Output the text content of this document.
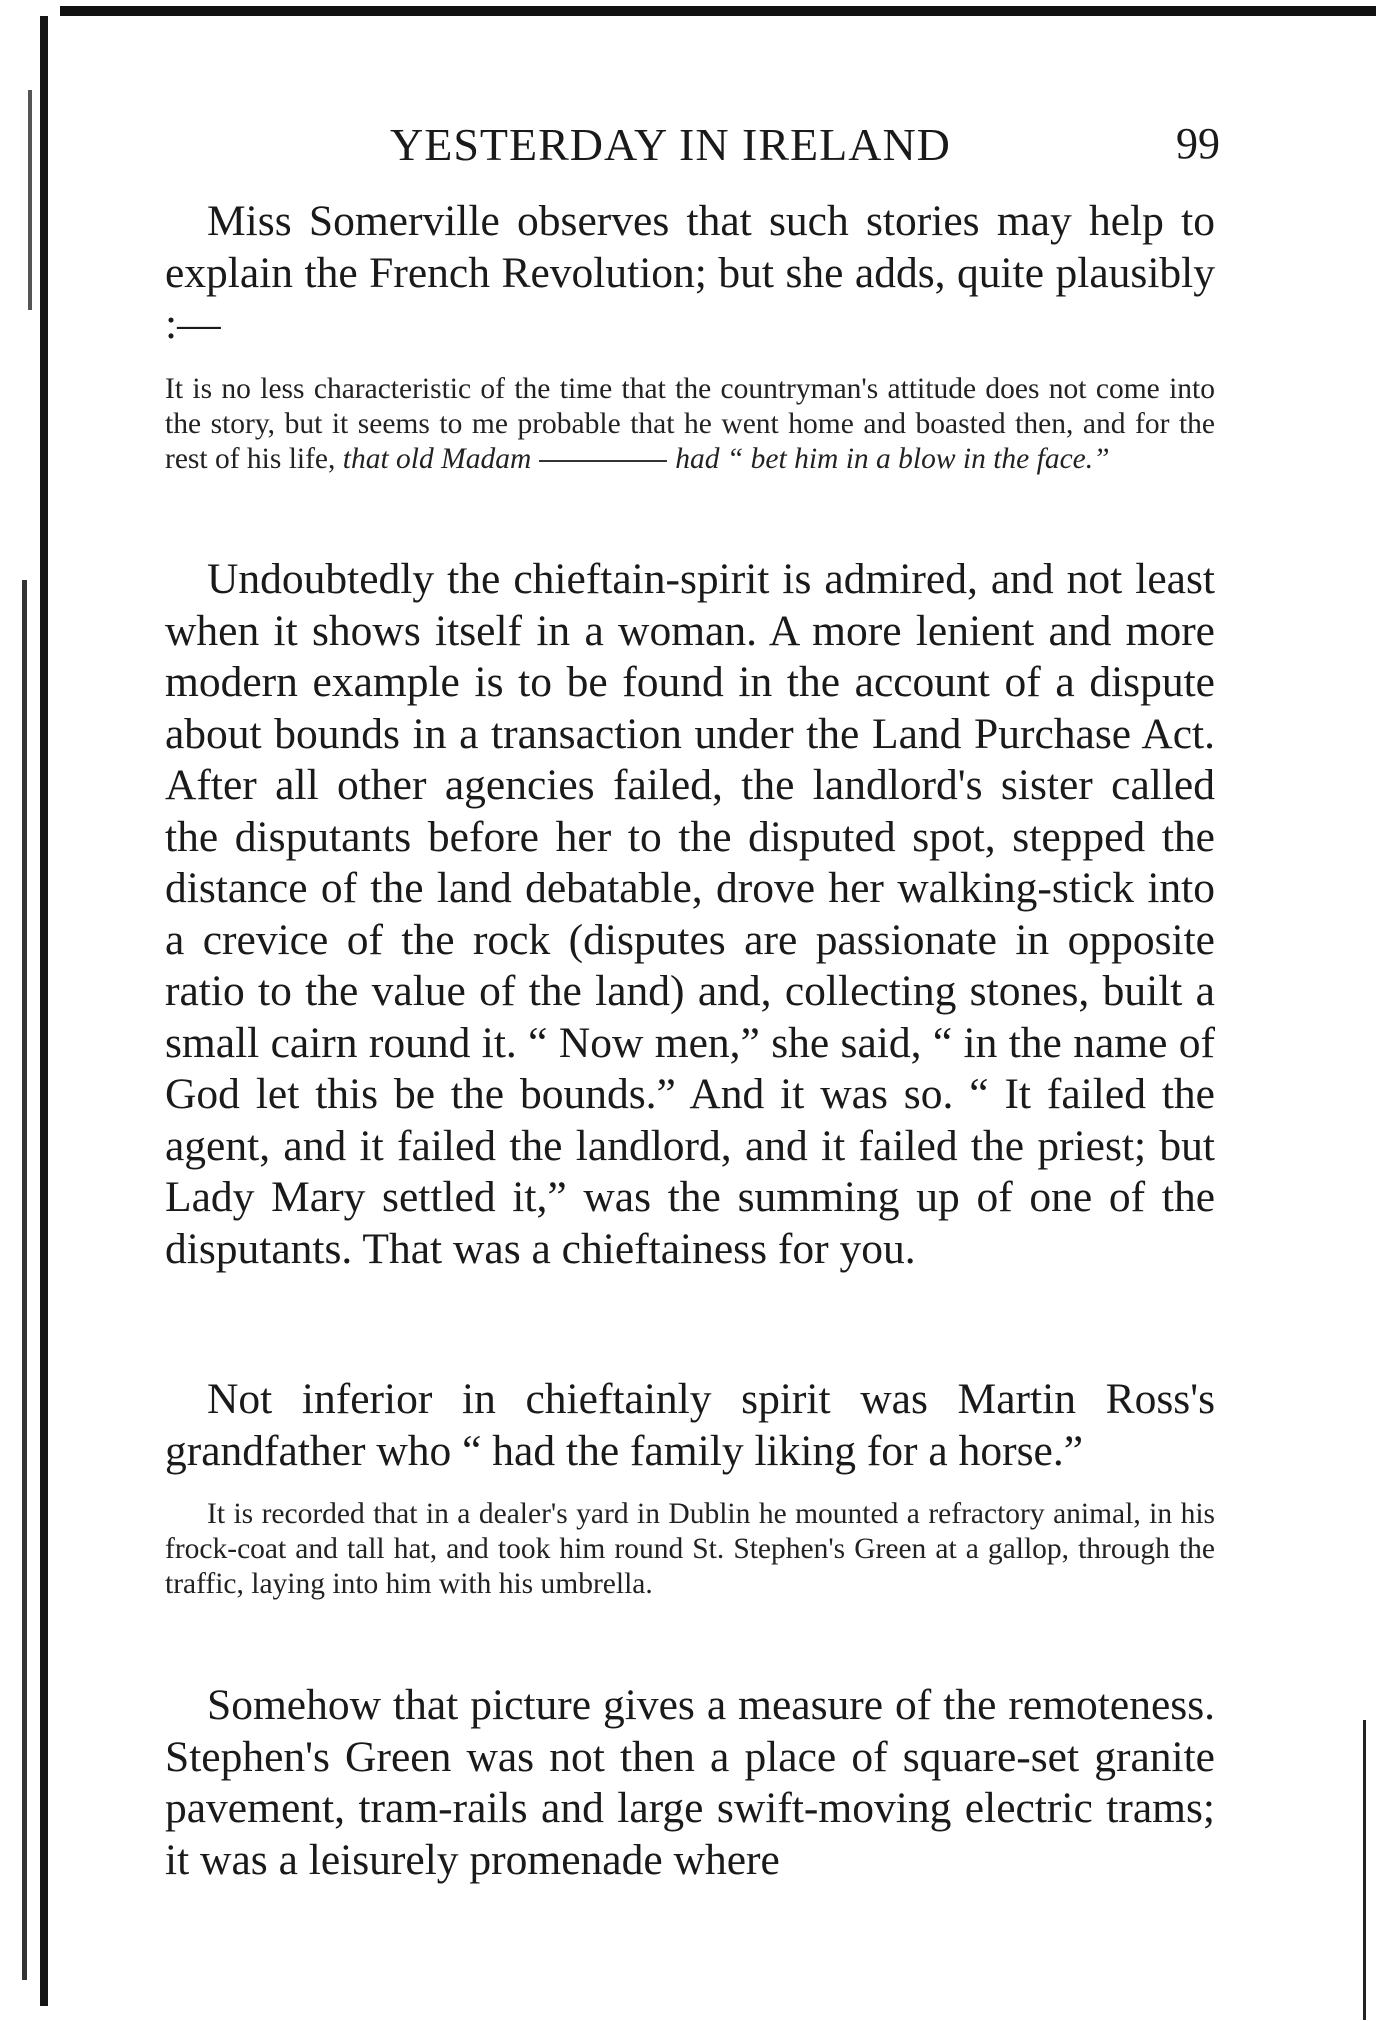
YESTERDAY IN IRELAND	99

Miss Somerville observes that such stories may help to explain the French Revolution; but she adds, quite plausibly :—

It is no less characteristic of the time that the countryman's attitude does not come into the story, but it seems to me probable that he went home and boasted then, and for the rest of his life, that old Madam	had “ bet him in a blow in the face.”

Undoubtedly the chieftain-spirit is admired, and not least when it shows itself in a woman. A more lenient and more modern example is to be found in the account of a dispute about bounds in a transaction under the Land Purchase Act. After all other agencies failed, the landlord's sister called the disputants before her to the disputed spot, stepped the distance of the land debatable, drove her walking-stick into a crevice of the rock (disputes are passionate in opposite ratio to the value of the land) and, collecting stones, built a small cairn round it. “ Now men,” she said, “ in the name of God let this be the bounds.” And it was so. “ It failed the agent, and it failed the landlord, and it failed the priest; but Lady Mary settled it,” was the summing up of one of the disputants. That was a chieftainess for you.

Not inferior in chieftainly spirit was Martin Ross's grandfather who “ had the family liking for a horse.”

It is recorded that in a dealer's yard in Dublin he mounted a refractory animal, in his frock-coat and tall hat, and took him round St. Stephen's Green at a gallop, through the traffic, laying into him with his umbrella.

Somehow that picture gives a measure of the remoteness. Stephen's Green was not then a place of square-set granite pavement, tram-rails and large swift-moving electric trams; it was a leisurely promenade where
